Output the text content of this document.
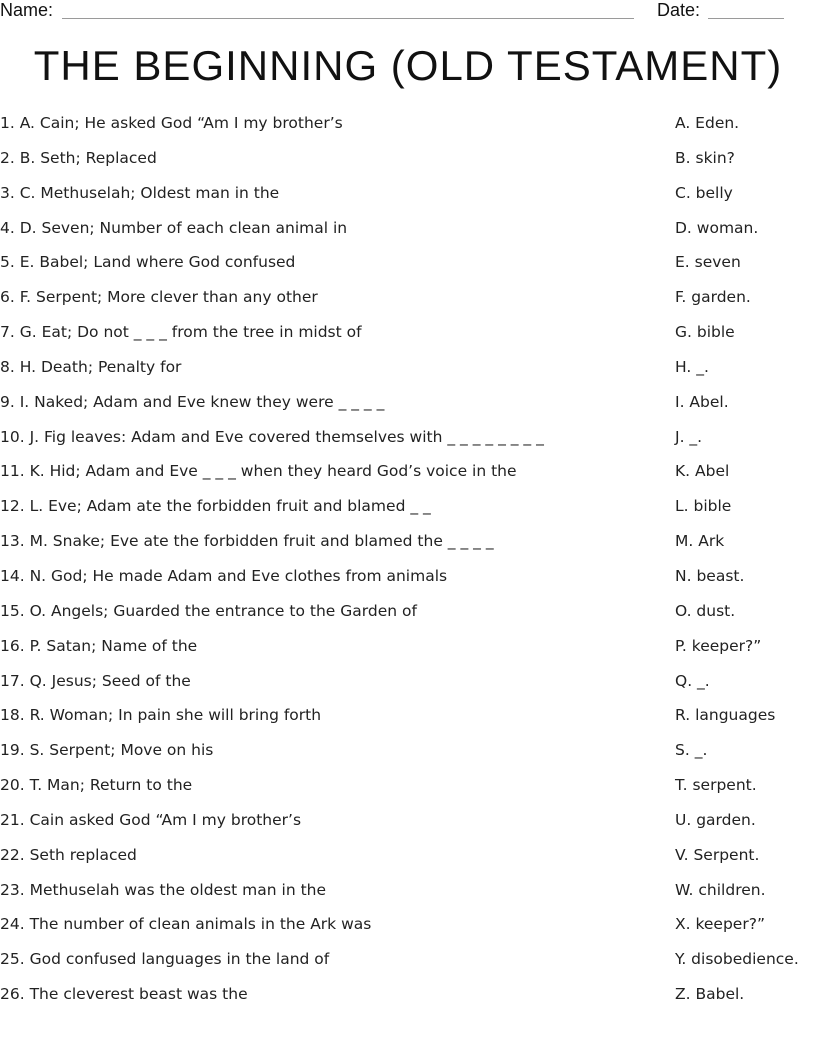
Name:	Date:
THE BEGINNING (OLD TESTAMENT)
1. A. Cain; He asked God “Am I my brother’s
2. B. Seth; Replaced
3. C. Methuselah; Oldest man in the
4. D. Seven; Number of each clean animal in
5. E. Babel; Land where God confused
6. F. Serpent; More clever than any other
7. G. Eat; Do not _ _ _ from the tree in midst of
8. H. Death; Penalty for
9. I. Naked; Adam and Eve knew they were _ _ _ _
10. J. Fig leaves: Adam and Eve covered themselves with _ _ _ _ _ _ _ _
11. K. Hid; Adam and Eve _ _ _ when they heard God’s voice in the
12. L. Eve; Adam ate the forbidden fruit and blamed _ _
13. M. Snake; Eve ate the forbidden fruit and blamed the _ _ _ _
14. N. God; He made Adam and Eve clothes from animals
15. O. Angels; Guarded the entrance to the Garden of
16. P. Satan; Name of the
17. Q. Jesus; Seed of the
18. R. Woman; In pain she will bring forth
19. S. Serpent; Move on his
20. T. Man; Return to the
21. Cain asked God “Am I my brother’s
22. Seth replaced
23. Methuselah was the oldest man in the
24. The number of clean animals in the Ark was
25. God confused languages in the land of
26. The cleverest beast was the
A. Eden.
B. skin?
C. belly
D. woman.
E. seven
F. garden.
G. bible
H. _.
I. Abel.
J. _.
K. Abel
L. bible
M. Ark
N. beast.
O. dust.
P. keeper?”
Q. _.
R. languages
S. _.
T. serpent.
U. garden.
V. Serpent.
W. children.
X. keeper?”
Y. disobedience.
Z. Babel.
